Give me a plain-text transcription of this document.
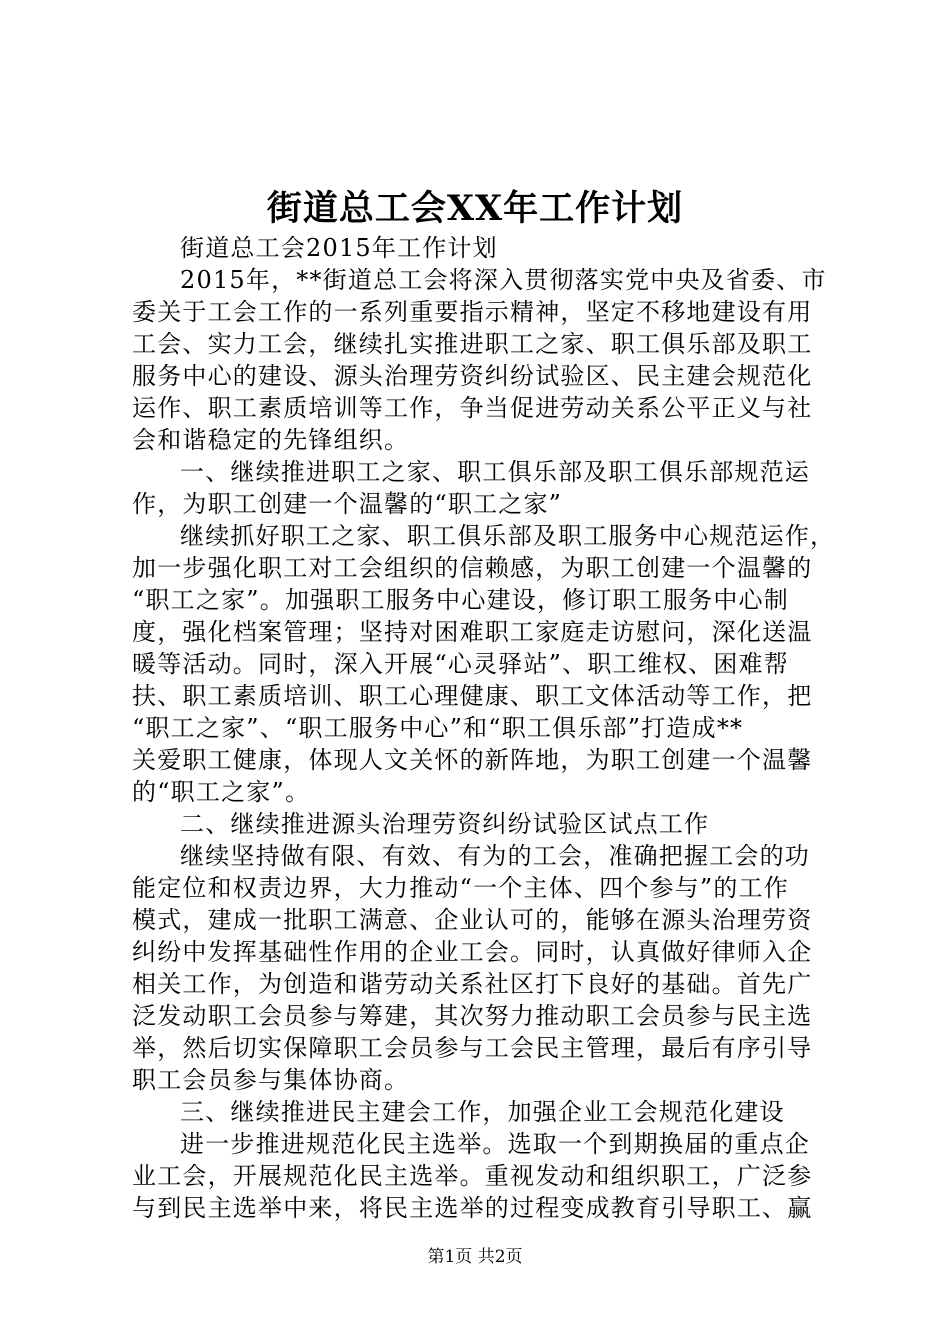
街道总工会XX年工作计划
街道总工会2015年工作计划
2015年，**街道总工会将深入贯彻落实党中央及省委、市
委关于工会工作的一系列重要指示精神，坚定不移地建设有用
工会、实力工会，继续扎实推进职工之家、职工俱乐部及职工
服务中心的建设、源头治理劳资纠纷试验区、民主建会规范化
运作、职工素质培训等工作，争当促进劳动关系公平正义与社
会和谐稳定的先锋组织。
一、继续推进职工之家、职工俱乐部及职工俱乐部规范运
作，为职工创建一个温馨的“职工之家”
继续抓好职工之家、职工俱乐部及职工服务中心规范运作，
加一步强化职工对工会组织的信赖感，为职工创建一个温馨的
“职工之家”。加强职工服务中心建设，修订职工服务中心制
度，强化档案管理；坚持对困难职工家庭走访慰问，深化送温
暖等活动。同时，深入开展“心灵驿站”、职工维权、困难帮
扶、职工素质培训、职工心理健康、职工文体活动等工作，把
“职工之家”、“职工服务中心”和“职工俱乐部”打造成**
关爱职工健康，体现人文关怀的新阵地，为职工创建一个温馨
的“职工之家”。
二、继续推进源头治理劳资纠纷试验区试点工作
继续坚持做有限、有效、有为的工会，准确把握工会的功
能定位和权责边界，大力推动“一个主体、四个参与”的工作
模式，建成一批职工满意、企业认可的，能够在源头治理劳资
纠纷中发挥基础性作用的企业工会。同时，认真做好律师入企
相关工作，为创造和谐劳动关系社区打下良好的基础。首先广
泛发动职工会员参与筹建，其次努力推动职工会员参与民主选
举，然后切实保障职工会员参与工会民主管理，最后有序引导
职工会员参与集体协商。
三、继续推进民主建会工作，加强企业工会规范化建设
进一步推进规范化民主选举。选取一个到期换届的重点企
业工会，开展规范化民主选举。重视发动和组织职工，广泛参
与到民主选举中来，将民主选举的过程变成教育引导职工、赢
第1页 共2页
